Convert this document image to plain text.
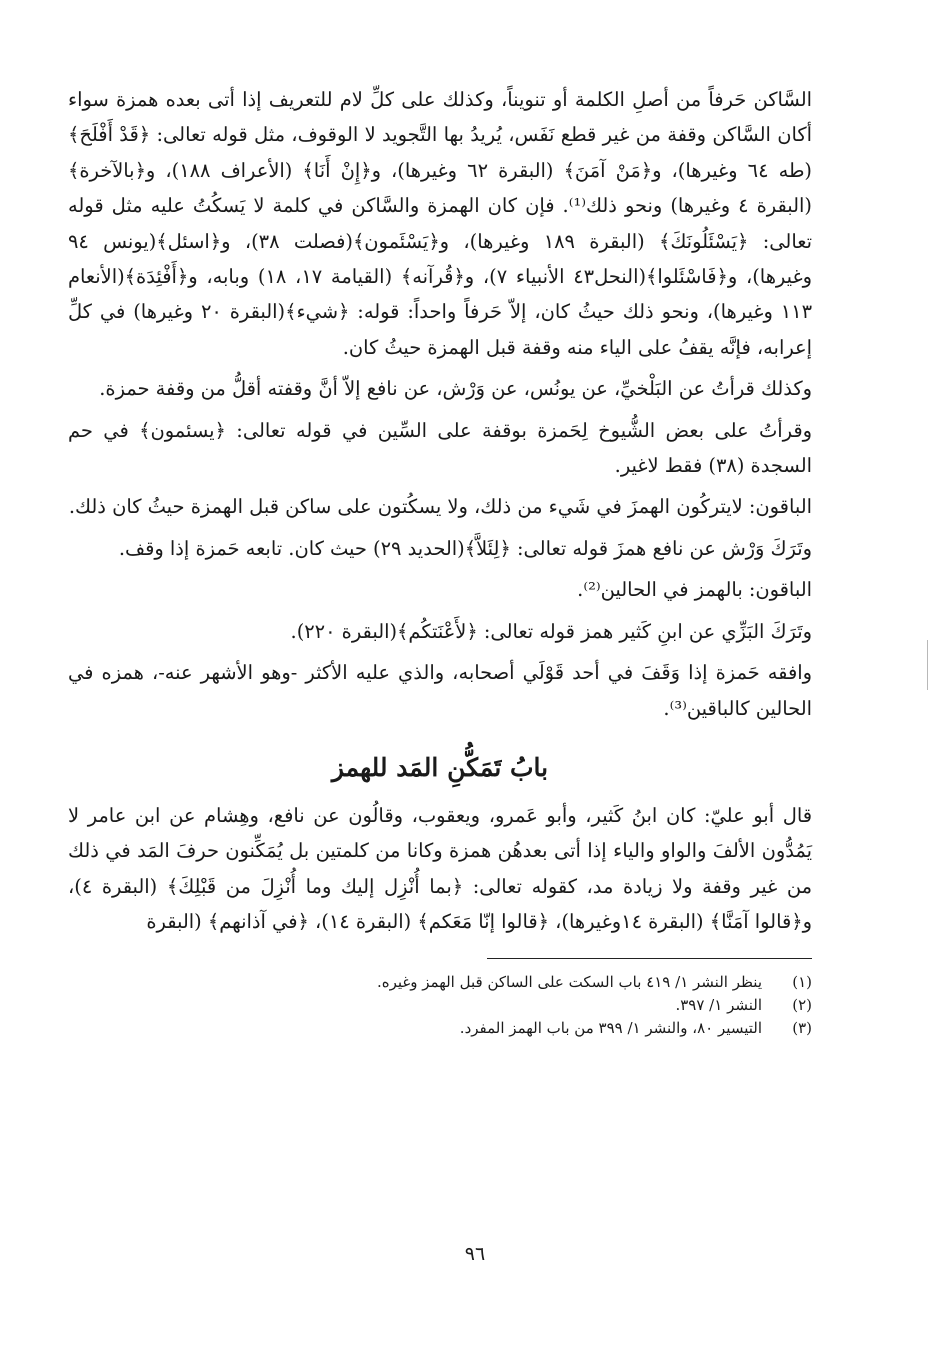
السَّاكن حَرفاً من أصلِ الكلمة أو تنويناً، وكذلك على كلِّ لام للتعريف إذا أتى بعده همزة سواء أكان السَّاكن وقفة من غير قطع نَفَس، يُريدُ بها التَّجويد لا الوقوف، مثل قوله تعالى: ﴿قَدْ أَفْلَحَ﴾(طه ٦٤ وغيرها)، و﴿مَنْ آمَنَ﴾ (البقرة ٦٢ وغيرها)، و﴿إِنْ أَنَا﴾ (الأعراف ١٨٨)، و﴿بالآخرة﴾ (البقرة ٤ وغيرها) ونحو ذلك⁽¹⁾. فإن كان الهمزة والسَّاكن في كلمة لا يَسكُتُ عليه مثل قوله تعالى: ﴿يَسْئَلُونَكَ﴾ (البقرة ١٨٩ وغيرها)، و﴿يَسْئَمون﴾(فصلت ٣٨)، و﴿اسئل﴾(يونس ٩٤ وغيرها)، و﴿فَاسْئَلوا﴾(النحل٤٣ الأنبياء ٧)، و﴿قُرآنه﴾ (القيامة ١٧، ١٨) وبابه، و﴿أَفْئِدَة﴾(الأنعام ١١٣ وغيرها)، ونحو ذلك حيثُ كان، إلاّ حَرفاً واحداً: قوله: ﴿شيء﴾(البقرة ٢٠ وغيرها) في كلِّ إعرابه، فإنَّه يقفُ على الياء منه وقفة قبل الهمزة حيثُ كان.

وكذلك قرأتُ عن البَلْخيِّ، عن يونُس، عن وَرْش، عن نافع إلاّ أنَّ وقفته أقلُّ من وقفة حمزة.

وقرأتُ على بعض الشُّيوخ لِحَمزة بوقفة على السِّين في قوله تعالى: ﴿يسئمون﴾ في حم السجدة (٣٨) فقط لاغير.

الباقون: لايتركُون الهمزَ في شَيء من ذلك، ولا يسكُتون على ساكن قبل الهمزة حيثُ كان ذلك.

وتَرَكَ وَرْش عن نافع همزَ قوله تعالى: ﴿لِئَلاَّ﴾(الحديد ٢٩) حيث كان. تابعه حَمزة إذا وقف.

الباقون: بالهمز في الحالين⁽²⁾.

وتَرَكَ البَزِّي عن ابنِ كَثير همز قوله تعالى: ﴿لأَعْنَتكُم﴾(البقرة ٢٢٠).

وافقه حَمزة إذا وَقَفَ في أحد قَوْلَي أصحابه، والذي عليه الأكثر -وهو الأشهر عنه-، همزه في الحالين كالباقين⁽³⁾.

بابُ تَمَكُّنِ المَد للهمز

قال أبو عليّ: كان ابنُ كَثير، وأبو عَمرو، ويعقوب، وقالُون عن نافع، وهِشام عن ابن عامر لا يَمُدُّون الألفَ والواو والياء إذا أتى بعدهُن همزة وكانا من كلمتين بل يُمَكِّنون حرفَ المَد في ذلك من غير وقفة ولا زيادة مد، كقوله تعالى: ﴿بما أُنْزِل إليك وما أُنْزِلَ من قَبْلِكَ﴾ (البقرة ٤)، و﴿قالوا آمَنَّا﴾ (البقرة ١٤وغيرها)، ﴿قالوا إنّا مَعَكم﴾ (البقرة ١٤)، ﴿في آذانهم﴾ (البقرة

(١)
ينظر النشر ١/ ٤١٩ باب السكت على الساكن قبل الهمز وغيره.
(٢)
النشر ١/ ٣٩٧.
(٣)
التيسير ٨٠، والنشر ١/ ٣٩٩ من باب الهمز المفرد.
٩٦
